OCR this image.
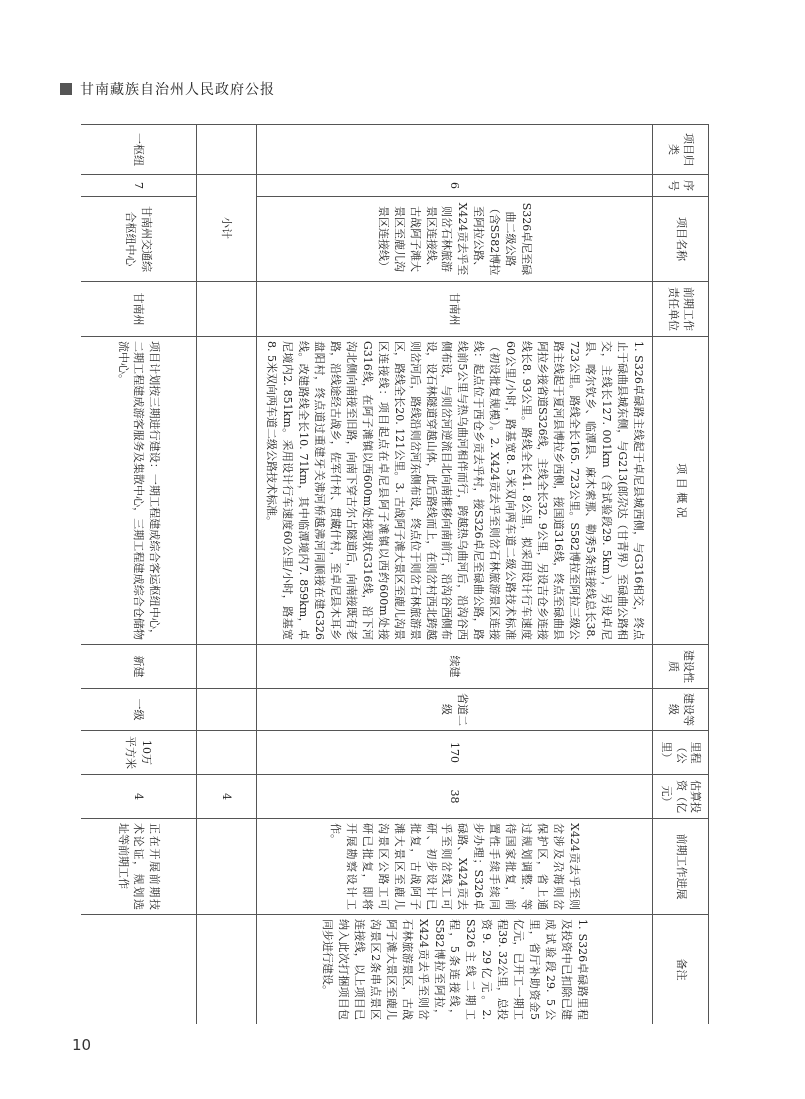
甘南藏族自治州人民政府公报
项目归类	序号	项目名称	前期工作责任单位	项 目 概 况	建设性质	建设等级	里程（公里）	估算投资（亿元）	前期工作进展	备注
	6	S326卓尼至碌曲二级公路（含S582博拉至阿拉公路、X424贡去乎至则岔石林旅游景区连接线、古战阿子滩大景区至鹿儿沟景区连接线）	甘南州	1. S326卓碌路主线起于卓尼县城西侧，与G316相交，终点止于碌曲县城东侧，与G213(郎尕达（甘青界）至碌曲公路相交，主线长127. 001km（含试验段29. 5km），另设卓尼县、喀尔钦乡、临潭县、麻木索那、勒秀5条连接线总长38. 723公里。路线全长165. 723公里。S582博拉至阿拉三级公路主线起于夏河县博拉乡西侧，接国道316线，终点至碌曲县阿拉乡接省道S326线，主线全长32. 9公里，另设吉仓乡连接线长8. 93公里。路线全长41. 8公里，拟采用设计行车速度60公里/小时，路基宽8. 5米双向两车道二级公路技术标准（初设批复规模）。2. X424贡去乎至则岔石林旅游景区连接线：起点位于西仓乡贡去乎村，接S326卓尼至碌曲公路，路线前5公里与热乌曲河相伴而行，跨越热乌曲河后，沿沟谷西侧布设，与则岔河逆流目北向南推移向南前行，沿沟谷西侧布设，设石林隧道穿越山体，此后路线而上，在则岔村西北跨越则岔河后，路线沿则岔河东侧布设，终点位于则岔石林旅游景区，路线全长20. 121公里。3. 古战阿子滩大景区至鹿儿沟景区连接线：项目起点在卓尼县阿子滩镇以西约600m处接G316线，在阿子滩镇以西600m处接现状G316线，沿下河沟北侧向南接至旧路，向南下穿古尔占隧道后，向南接既有老路，沿线途经古战乡，佐军什村、贯藏什村，至卓尼县木耳乡盘阳村，终点道过重建牙关沸河桥越沸河同顺接在建G326线。改建路线全长10. 71km，其中临潭境内7. 859km，卓尼境内2. 851km。采用设计行车速度60公里/小时，路基宽8. 5米双向两车道二级公路技术标准。	续建	省道二级	170	38	X424贡去乎至则岔涉及尕海则岔保护区，省上通过规划调整，等待国家批复，前置性手续手续同步办理；S326卓碌路、X424贡去乎至则岔线工可研、初步设计已批复，古战阿子滩大景区至鹿儿沟景区公路工可研已批复，即将开展勘察设计工作。	1. S326卓碌路里程及投资中已扣除已建成试验段29. 5公里，省厅补助资金5亿元，已开工一期工程39. 32公里，总投资9. 29亿元。2. S326主线二期工程，5条连接线，S582博拉至阿拉，X424贡去乎至则岔石林旅游景区，古战阿子滩大景区至鹿儿沟景区2条串点景区连接线，以上项目已纳入此次打捆项目包同步进行建设。
	小计							4		
一枢纽	7	甘南州交通综合枢纽中心	甘南州	项目计划按三期进行建设：一期工程建成综合客运枢纽中心，二期工程建成游客服务及集散中心，三期工程建成综合仓储物流中心。	新建	一级	10万平方米	4	正在开展前期技术论证，规划选址等前期工作	
10
